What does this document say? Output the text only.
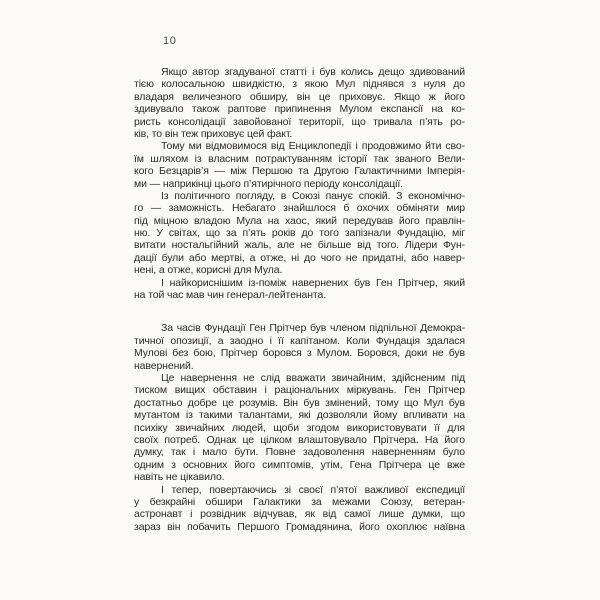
10
Якщо автор згадуваної статті і був колись дещо здивований
тією колосальною швидкістю, з якою Мул піднявся з нуля до
владаря величезного обширу, він це приховує. Якщо ж його
здивувало також раптове припинення Мулом експансії на ко-
ристь консолідації завойованої території, що тривала п’ять ро-
ків, то він теж приховує цей факт.
Тому ми відмовимося від Енциклопедії і продовжимо йти сво-
їм шляхом із власним потрактуванням історії так званого Вели-
кого Безцарів’я — між Першою та Другою Галактичними Імперія-
ми — наприкінці цього п’ятирічного періоду консолідації.
Із політичного погляду, в Союзі панує спокій. З економічно-
го — заможність. Небагато знайшлося б охочих обміняти мир
під міцною владою Мула на хаос, який передував його правлін-
ню. У світах, що за п’ять років до того запізнали Фундацію, міг
витати ностальгійний жаль, але не більше від того. Лідери Фун-
дації були або мертві, а отже, ні до чого не придатні, або навер-
нені, а отже, корисні для Мула.
І найкориснішим із-поміж навернених був Ген Прітчер, який
на той час мав чин генерал-лейтенанта.
За часів Фундації Ген Прітчер був членом підпільної Демокра-
тичної опозиції, а заодно і її капітаном. Коли Фундація здалася
Мулові без бою, Прітчер боровся з Мулом. Боровся, доки не був
навернений.
Це навернення не слід вважати звичайним, здійсненим під
тиском вищих обставин і раціональних міркувань. Ген Прітчер
достатньо добре це розумів. Він був змінений, тому що Мул був
мутантом із такими талантами, які дозволяли йому впливати на
психіку звичайних людей, щоби згодом використовувати її для
своїх потреб. Однак це цілком влаштовувало Прітчера. На його
думку, так і мало бути. Повне задоволення наверненням було
одним з основних його симптомів, утім, Гена Прітчера це вже
навіть не цікавило.
І тепер, повертаючись зі своєї п’ятої важливої експедиції
у безкрайні обшири Галактики за межами Союзу, ветеран-
астронавт і розвідник відчував, як від самої лише думки, що
зараз він побачить Першого Громадянина, його охоплює наївна
